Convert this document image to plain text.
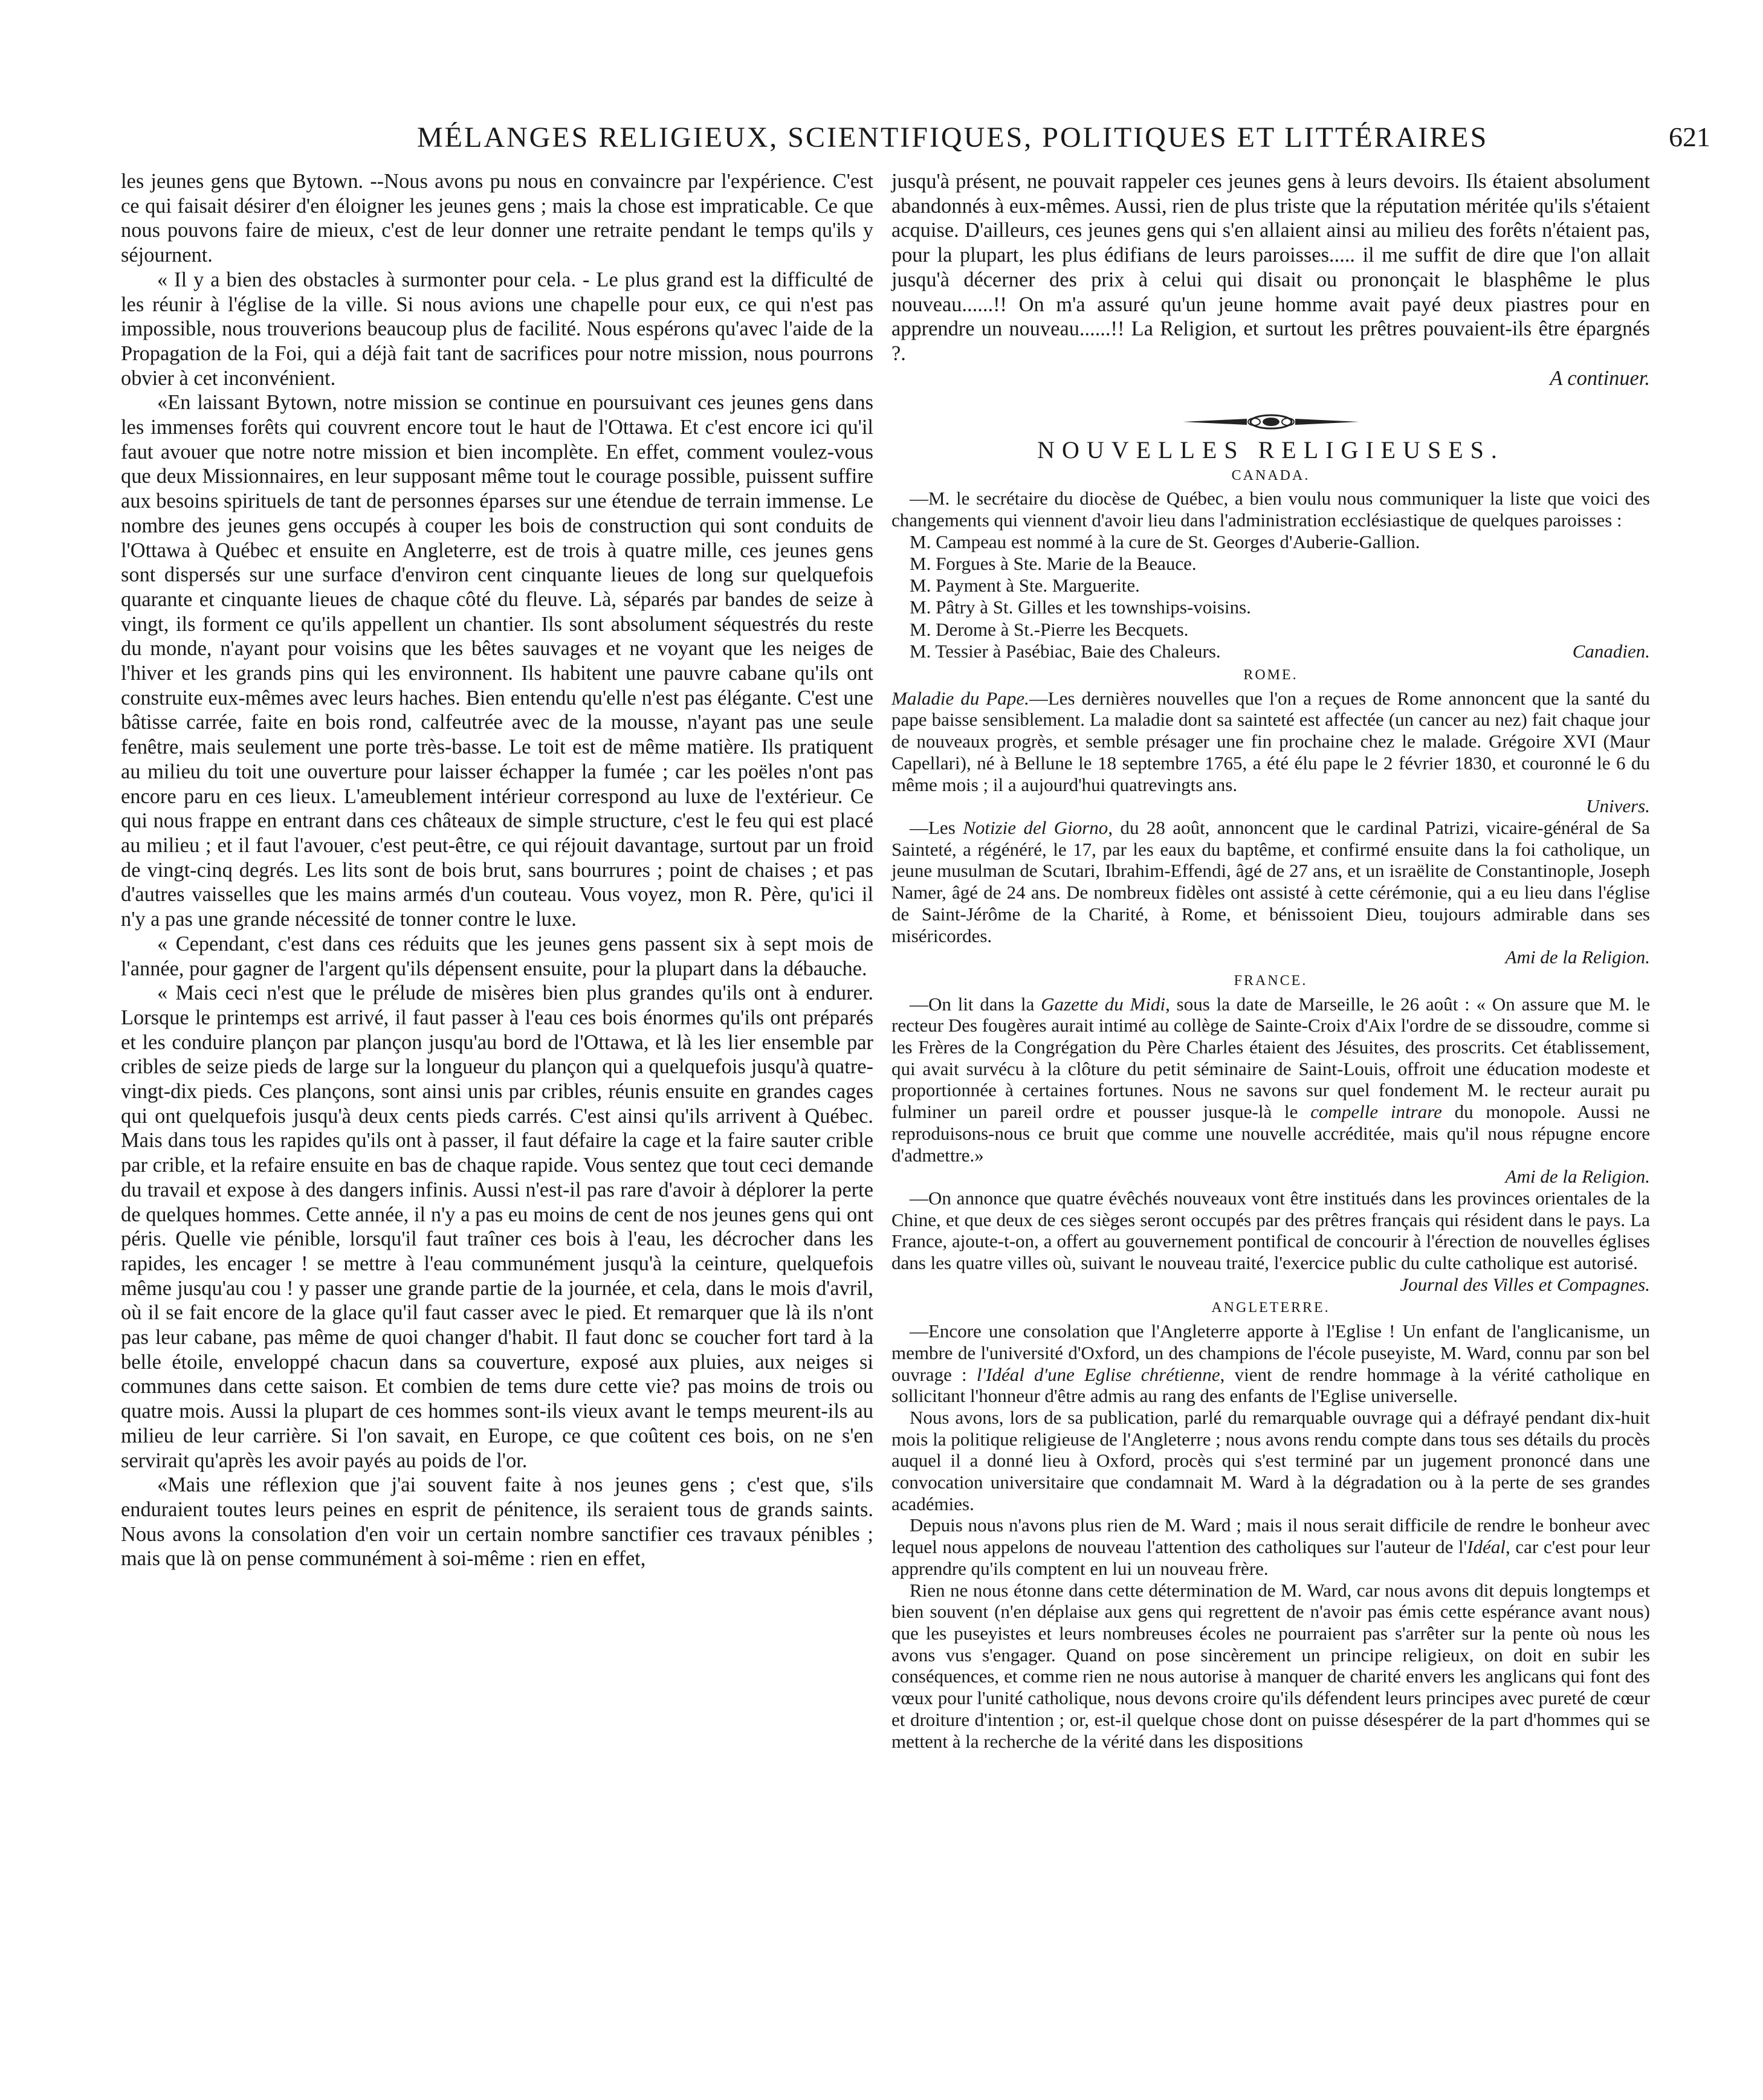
MÉLANGES RELIGIEUX, SCIENTIFIQUES, POLITIQUES ET LITTÉRAIRES	621

les jeunes gens que Bytown. --Nous avons pu nous en convaincre par l'expérience. C'est ce qui faisait désirer d'en éloigner les jeunes gens ; mais la chose est impraticable. Ce que nous pouvons faire de mieux, c'est de leur donner une retraite pendant le temps qu'ils y séjournent.

« Il y a bien des obstacles à surmonter pour cela. - Le plus grand est la difficulté de les réunir à l'église de la ville. Si nous avions une chapelle pour eux, ce qui n'est pas impossible, nous trouverions beaucoup plus de facilité. Nous espérons qu'avec l'aide de la Propagation de la Foi, qui a déjà fait tant de sacrifices pour notre mission, nous pourrons obvier à cet inconvénient.

«En laissant Bytown, notre mission se continue en poursuivant ces jeunes gens dans les immenses forêts qui couvrent encore tout le haut de l'Ottawa. Et c'est encore ici qu'il faut avouer que notre notre mission et bien incomplète. En effet, comment voulez-vous que deux Missionnaires, en leur supposant même tout le courage possible, puissent suffire aux besoins spirituels de tant de personnes éparses sur une étendue de terrain immense. Le nombre des jeunes gens occupés à couper les bois de construction qui sont conduits de l'Ottawa à Québec et ensuite en Angleterre, est de trois à quatre mille, ces jeunes gens sont dispersés sur une surface d'environ cent cinquante lieues de long sur quelquefois quarante et cinquante lieues de chaque côté du fleuve. Là, séparés par bandes de seize à vingt, ils forment ce qu'ils appellent un chantier. Ils sont absolument séquestrés du reste du monde, n'ayant pour voisins que les bêtes sauvages et ne voyant que les neiges de l'hiver et les grands pins qui les environnent. Ils habitent une pauvre cabane qu'ils ont construite eux-mêmes avec leurs haches. Bien entendu qu'elle n'est pas élégante. C'est une bâtisse carrée, faite en bois rond, calfeutrée avec de la mousse, n'ayant pas une seule fenêtre, mais seulement une porte très-basse. Le toit est de même matière. Ils pratiquent au milieu du toit une ouverture pour laisser échapper la fumée ; car les poëles n'ont pas encore paru en ces lieux. L'ameublement intérieur correspond au luxe de l'extérieur. Ce qui nous frappe en entrant dans ces châteaux de simple structure, c'est le feu qui est placé au milieu ; et il faut l'avouer, c'est peut-être, ce qui réjouit davantage, surtout par un froid de vingt-cinq degrés. Les lits sont de bois brut, sans bourrures ; point de chaises ; et pas d'autres vaisselles que les mains armés d'un couteau. Vous voyez, mon R. Père, qu'ici il n'y a pas une grande nécessité de tonner contre le luxe.

« Cependant, c'est dans ces réduits que les jeunes gens passent six à sept mois de l'année, pour gagner de l'argent qu'ils dépensent ensuite, pour la plupart dans la débauche.

« Mais ceci n'est que le prélude de misères bien plus grandes qu'ils ont à endurer. Lorsque le printemps est arrivé, il faut passer à l'eau ces bois énormes qu'ils ont préparés et les conduire plançon par plançon jusqu'au bord de l'Ottawa, et là les lier ensemble par cribles de seize pieds de large sur la longueur du plançon qui a quelquefois jusqu'à quatre-vingt-dix pieds. Ces plançons, sont ainsi unis par cribles, réunis ensuite en grandes cages qui ont quelquefois jusqu'à deux cents pieds carrés. C'est ainsi qu'ils arrivent à Québec. Mais dans tous les rapides qu'ils ont à passer, il faut défaire la cage et la faire sauter crible par crible, et la refaire ensuite en bas de chaque rapide. Vous sentez que tout ceci demande du travail et expose à des dangers infinis. Aussi n'est-il pas rare d'avoir à déplorer la perte de quelques hommes. Cette année, il n'y a pas eu moins de cent de nos jeunes gens qui ont péris. Quelle vie pénible, lorsqu'il faut traîner ces bois à l'eau, les décrocher dans les rapides, les encager ! se mettre à l'eau communément jusqu'à la ceinture, quelquefois même jusqu'au cou ! y passer une grande partie de la journée, et cela, dans le mois d'avril, où il se fait encore de la glace qu'il faut casser avec le pied. Et remarquer que là ils n'ont pas leur cabane, pas même de quoi changer d'habit. Il faut donc se coucher fort tard à la belle étoile, enveloppé chacun dans sa couverture, exposé aux pluies, aux neiges si communes dans cette saison. Et combien de tems dure cette vie? pas moins de trois ou quatre mois. Aussi la plupart de ces hommes sont-ils vieux avant le temps meurent-ils au milieu de leur carrière. Si l'on savait, en Europe, ce que coûtent ces bois, on ne s'en servirait qu'après les avoir payés au poids de l'or.

«Mais une réflexion que j'ai souvent faite à nos jeunes gens ; c'est que, s'ils enduraient toutes leurs peines en esprit de pénitence, ils seraient tous de grands saints. Nous avons la consolation d'en voir un certain nombre sanctifier ces travaux pénibles ; mais que là on pense communément à soi-même : rien en effet,

jusqu'à présent, ne pouvait rappeler ces jeunes gens à leurs devoirs. Ils étaient absolument abandonnés à eux-mêmes. Aussi, rien de plus triste que la réputation méritée qu'ils s'étaient acquise. D'ailleurs, ces jeunes gens qui s'en allaient ainsi au milieu des forêts n'étaient pas, pour la plupart, les plus édifians de leurs paroisses..... il me suffit de dire que l'on allait jusqu'à décerner des prix à celui qui disait ou prononçait le blasphême le plus nouveau......!! On m'a assuré qu'un jeune homme avait payé deux piastres pour en apprendre un nouveau......!! La Religion, et surtout les prêtres pouvaient-ils être épargnés ?.

A continuer.
NOUVELLES RELIGIEUSES.
CANADA.

—M. le secrétaire du diocèse de Québec, a bien voulu nous communiquer la liste que voici des changements qui viennent d'avoir lieu dans l'administration ecclésiastique de quelques paroisses :

M. Campeau est nommé à la cure de St. Georges d'Auberie-Gallion.
M. Forgues à Ste. Marie de la Beauce.
M. Payment à Ste. Marguerite.
M. Pâtry à St. Gilles et les townships-voisins.
M. Derome à St.-Pierre les Becquets.
M. Tessier à Pasébiac, Baie des Chaleurs.	Canadien.
ROME.

Maladie du Pape.—Les dernières nouvelles que l'on a reçues de Rome annoncent que la santé du pape baisse sensiblement. La maladie dont sa sainteté est affectée (un cancer au nez) fait chaque jour de nouveaux progrès, et semble présager une fin prochaine chez le malade. Grégoire XVI (Maur Capellari), né à Bellune le 18 septembre 1765, a été élu pape le 2 février 1830, et couronné le 6 du même mois ; il a aujourd'hui quatrevingts ans.

Univers.

—Les Notizie del Giorno, du 28 août, annoncent que le cardinal Patrizi, vicaire-général de Sa Sainteté, a régénéré, le 17, par les eaux du baptême, et confirmé ensuite dans la foi catholique, un jeune musulman de Scutari, Ibrahim-Effendi, âgé de 27 ans, et un israëlite de Constantinople, Joseph Namer, âgé de 24 ans. De nombreux fidèles ont assisté à cette cérémonie, qui a eu lieu dans l'église de Saint-Jérôme de la Charité, à Rome, et bénissoient Dieu, toujours admirable dans ses miséricordes.

Ami de la Religion.
FRANCE.

—On lit dans la Gazette du Midi, sous la date de Marseille, le 26 août : « On assure que M. le recteur Des fougères aurait intimé au collège de Sainte-Croix d'Aix l'ordre de se dissoudre, comme si les Frères de la Congrégation du Père Charles étaient des Jésuites, des proscrits. Cet établissement, qui avait survécu à la clôture du petit séminaire de Saint-Louis, offroit une éducation modeste et proportionnée à certaines fortunes. Nous ne savons sur quel fondement M. le recteur aurait pu fulminer un pareil ordre et pousser jusque-là le compelle intrare du monopole. Aussi ne reproduisons-nous ce bruit que comme une nouvelle accréditée, mais qu'il nous répugne encore d'admettre.»

Ami de la Religion.

—On annonce que quatre évêchés nouveaux vont être institués dans les provinces orientales de la Chine, et que deux de ces sièges seront occupés par des prêtres français qui résident dans le pays. La France, ajoute-t-on, a offert au gouvernement pontifical de concourir à l'érection de nouvelles églises dans les quatre villes où, suivant le nouveau traité, l'exercice public du culte catholique est autorisé.

Journal des Villes et Compagnes.
ANGLETERRE.

—Encore une consolation que l'Angleterre apporte à l'Eglise ! Un enfant de l'anglicanisme, un membre de l'université d'Oxford, un des champions de l'école puseyiste, M. Ward, connu par son bel ouvrage : l'Idéal d'une Eglise chrétienne, vient de rendre hommage à la vérité catholique en sollicitant l'honneur d'être admis au rang des enfants de l'Eglise universelle.

Nous avons, lors de sa publication, parlé du remarquable ouvrage qui a défrayé pendant dix-huit mois la politique religieuse de l'Angleterre ; nous avons rendu compte dans tous ses détails du procès auquel il a donné lieu à Oxford, procès qui s'est terminé par un jugement prononcé dans une convocation universitaire que condamnait M. Ward à la dégradation ou à la perte de ses grandes académies.

Depuis nous n'avons plus rien de M. Ward ; mais il nous serait difficile de rendre le bonheur avec lequel nous appelons de nouveau l'attention des catholiques sur l'auteur de l'Idéal, car c'est pour leur apprendre qu'ils comptent en lui un nouveau frère.

Rien ne nous étonne dans cette détermination de M. Ward, car nous avons dit depuis longtemps et bien souvent (n'en déplaise aux gens qui regrettent de n'avoir pas émis cette espérance avant nous) que les puseyistes et leurs nombreuses écoles ne pourraient pas s'arrêter sur la pente où nous les avons vus s'engager. Quand on pose sincèrement un principe religieux, on doit en subir les conséquences, et comme rien ne nous autorise à manquer de charité envers les anglicans qui font des vœux pour l'unité catholique, nous devons croire qu'ils défendent leurs principes avec pureté de cœur et droiture d'intention ; or, est-il quelque chose dont on puisse désespérer de la part d'hommes qui se mettent à la recherche de la vérité dans les dispositions
